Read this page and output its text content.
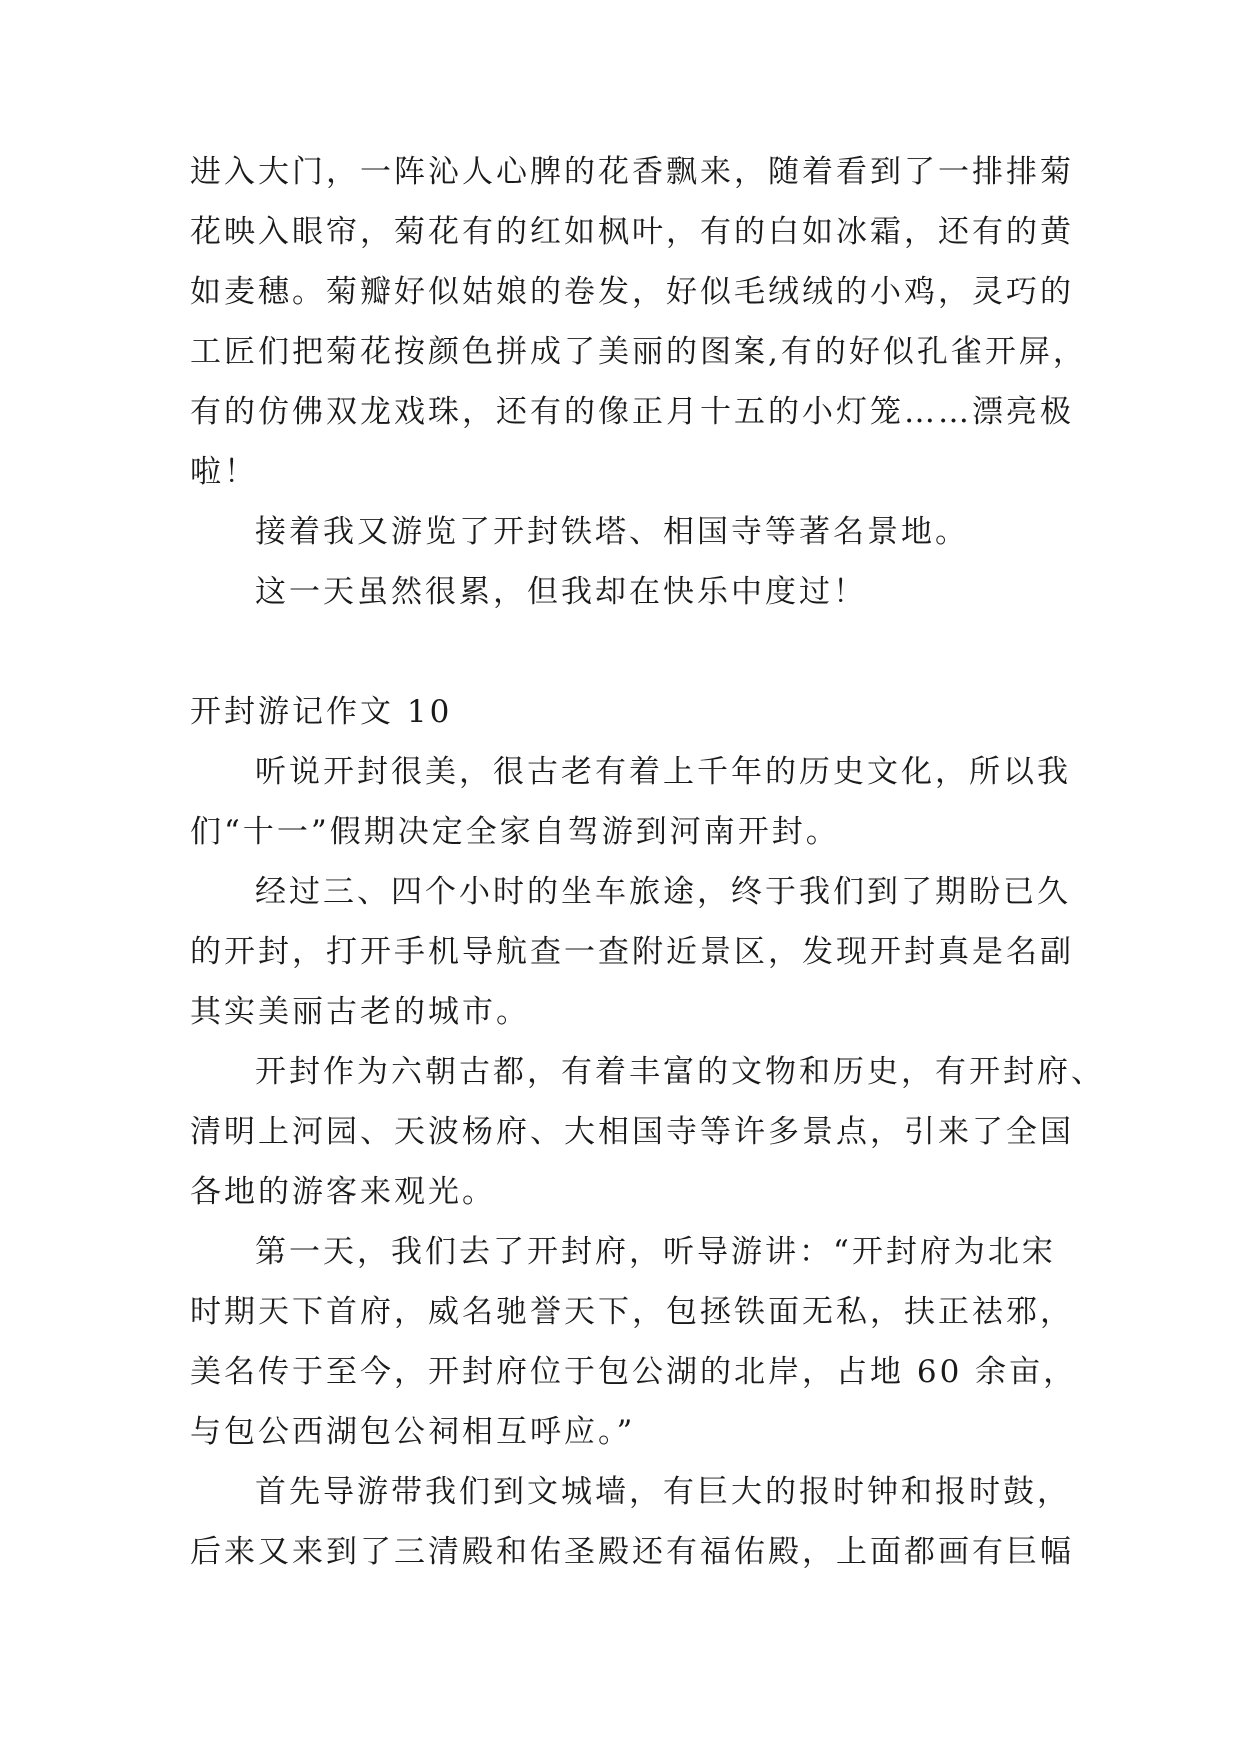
进入大门，一阵沁人心脾的花香飘来，随着看到了一排排菊
花映入眼帘，菊花有的红如枫叶，有的白如冰霜，还有的黄
如麦穗。菊瓣好似姑娘的卷发，好似毛绒绒的小鸡，灵巧的
工匠们把菊花按颜色拼成了美丽的图案,有的好似孔雀开屏，
有的仿佛双龙戏珠，还有的像正月十五的小灯笼……漂亮极
啦！
接着我又游览了开封铁塔、相国寺等著名景地。
这一天虽然很累，但我却在快乐中度过！
开封游记作文 10
听说开封很美，很古老有着上千年的历史文化，所以我
们“十一”假期决定全家自驾游到河南开封。
经过三、四个小时的坐车旅途，终于我们到了期盼已久
的开封，打开手机导航查一查附近景区，发现开封真是名副
其实美丽古老的城市。
开封作为六朝古都，有着丰富的文物和历史，有开封府、
清明上河园、天波杨府、大相国寺等许多景点，引来了全国
各地的游客来观光。
第一天，我们去了开封府，听导游讲：“开封府为北宋
时期天下首府，威名驰誉天下，包拯铁面无私，扶正祛邪，
美名传于至今，开封府位于包公湖的北岸，占地 60 余亩，
与包公西湖包公祠相互呼应。”
首先导游带我们到文城墙，有巨大的报时钟和报时鼓，
后来又来到了三清殿和佑圣殿还有福佑殿，上面都画有巨幅
